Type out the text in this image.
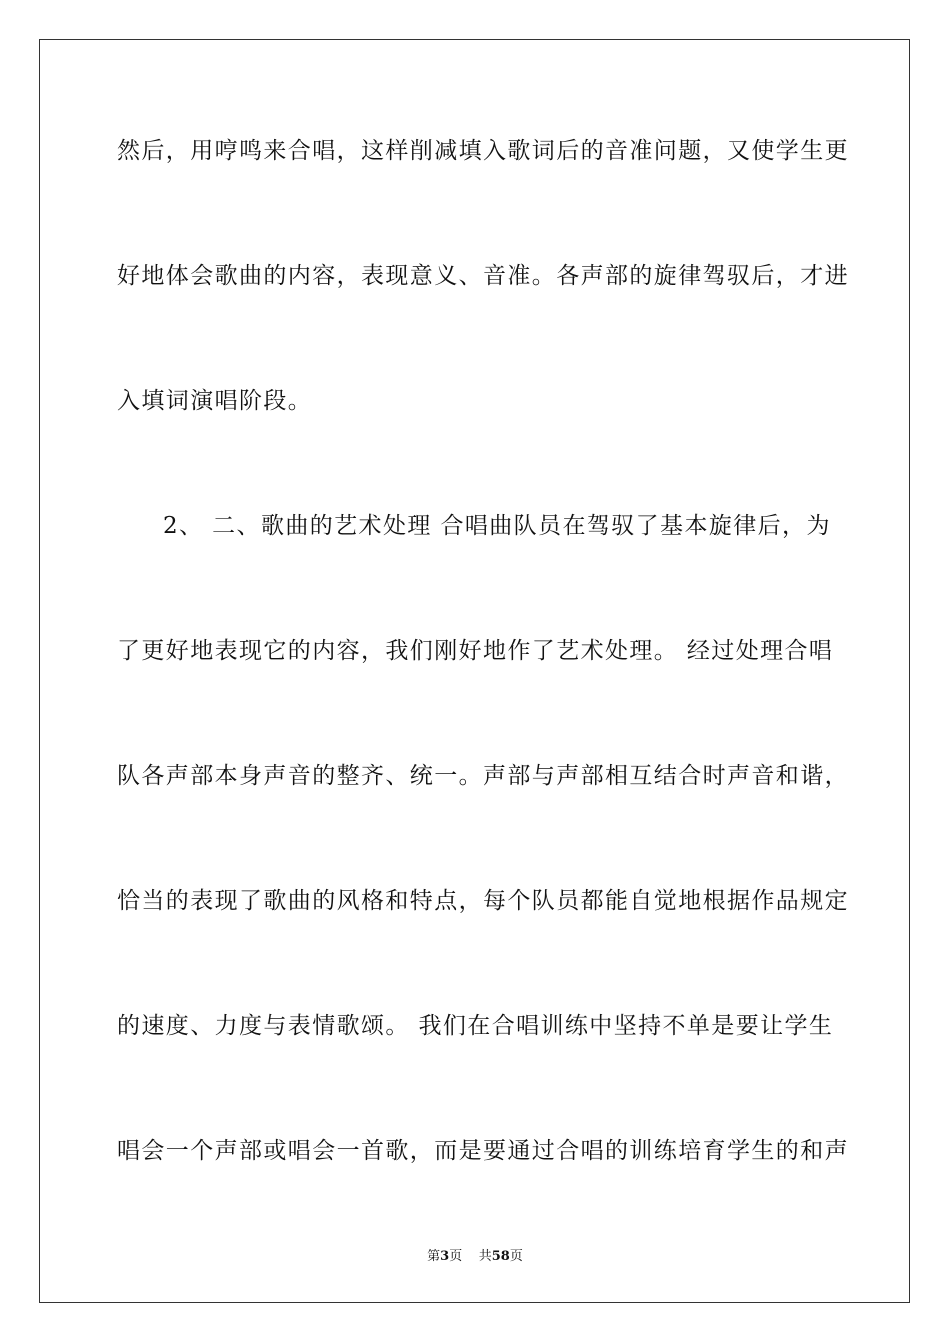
然后，用哼鸣来合唱，这样削减填入歌词后的音准问题，又使学生更
好地体会歌曲的内容，表现意义、音准。各声部的旋律驾驭后，才进
入填词演唱阶段。
2、 二、歌曲的艺术处理 合唱曲队员在驾驭了基本旋律后，为
了更好地表现它的内容，我们刚好地作了艺术处理。 经过处理合唱
队各声部本身声音的整齐、统一。声部与声部相互结合时声音和谐，
恰当的表现了歌曲的风格和特点，每个队员都能自觉地根据作品规定
的速度、力度与表情歌颂。 我们在合唱训练中坚持不单是要让学生
唱会一个声部或唱会一首歌，而是要通过合唱的训练培育学生的和声
第3页 共58页
